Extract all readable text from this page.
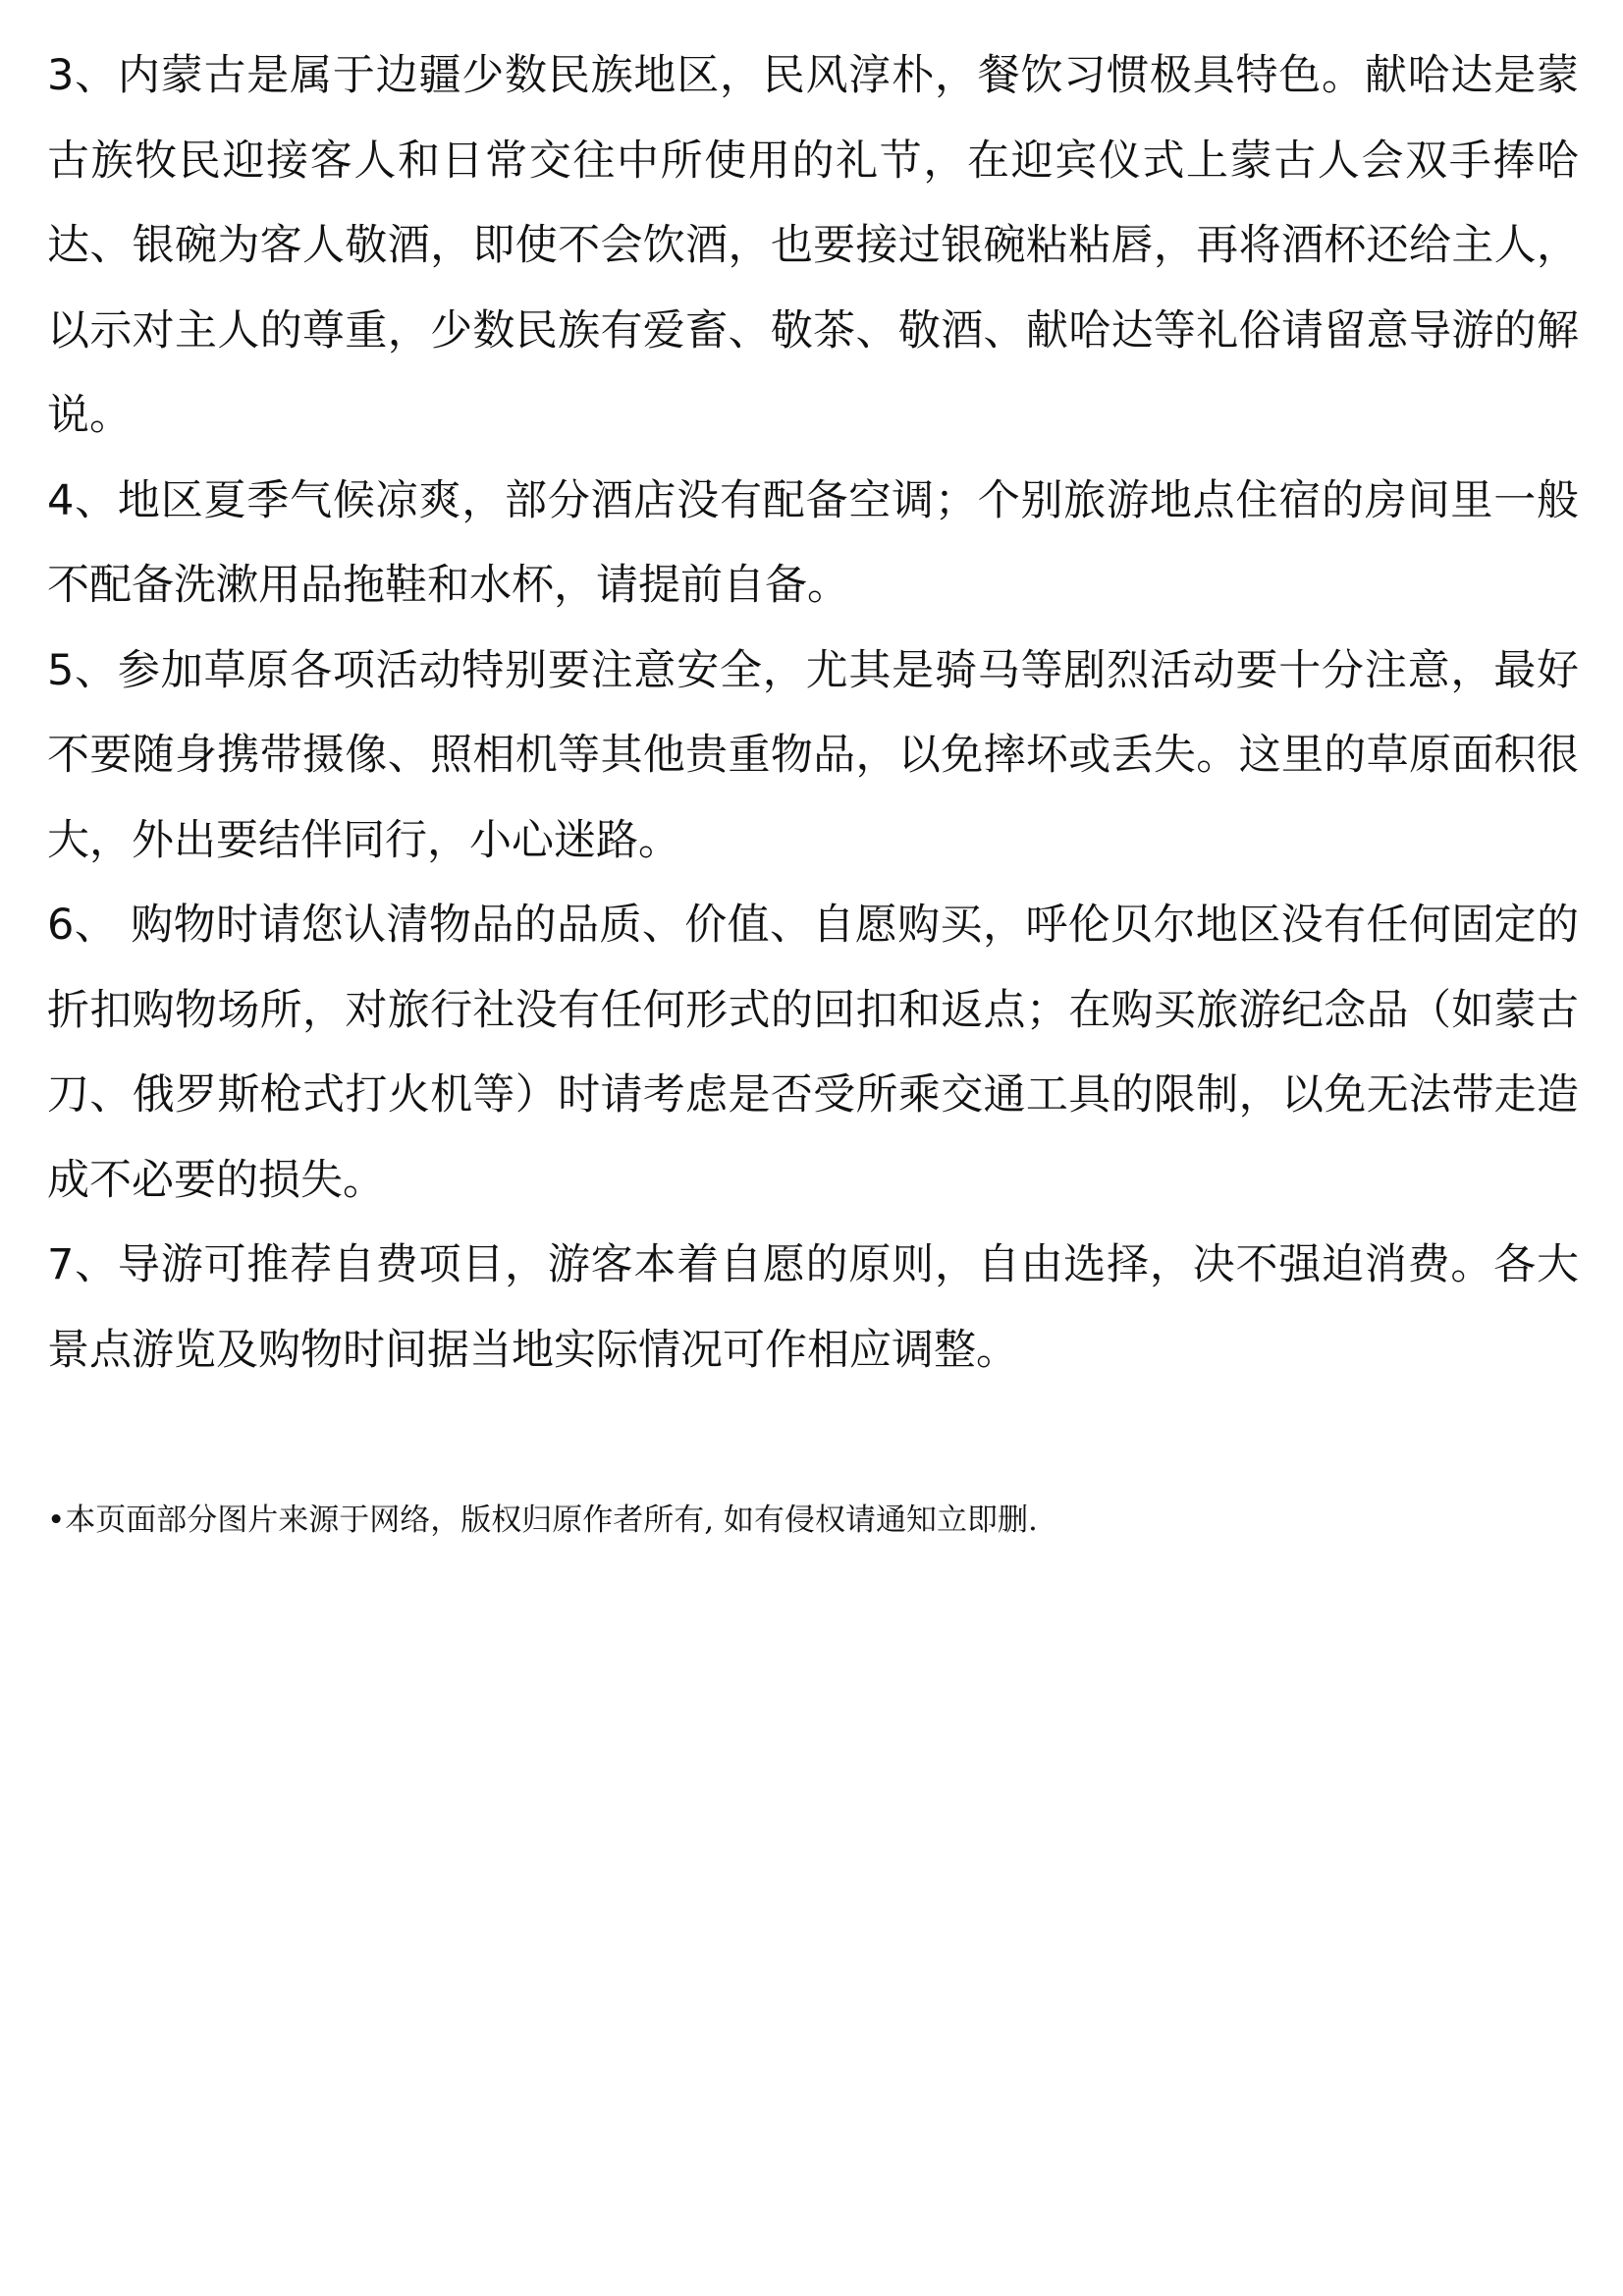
3、内蒙古是属于边疆少数民族地区，民风淳朴，餐饮习惯极具特色。献哈达是蒙古族牧民迎接客人和日常交往中所使用的礼节，在迎宾仪式上蒙古人会双手捧哈达、银碗为客人敬酒，即使不会饮酒，也要接过银碗粘粘唇，再将酒杯还给主人，以示对主人的尊重，少数民族有爱畜、敬茶、敬酒、献哈达等礼俗请留意导游的解说。

4、地区夏季气候凉爽，部分酒店没有配备空调；个别旅游地点住宿的房间里一般不配备洗漱用品拖鞋和水杯，请提前自备。

5、参加草原各项活动特别要注意安全，尤其是骑马等剧烈活动要十分注意，最好不要随身携带摄像、照相机等其他贵重物品，以免摔坏或丢失。这里的草原面积很大，外出要结伴同行，小心迷路。

6、 购物时请您认清物品的品质、价值、自愿购买，呼伦贝尔地区没有任何固定的折扣购物场所，对旅行社没有任何形式的回扣和返点；在购买旅游纪念品（如蒙古刀、俄罗斯枪式打火机等）时请考虑是否受所乘交通工具的限制，以免无法带走造成不必要的损失。

7、导游可推荐自费项目，游客本着自愿的原则，自由选择，决不强迫消费。各大景点游览及购物时间据当地实际情况可作相应调整。

•本页面部分图片来源于网络，版权归原作者所有, 如有侵权请通知立即删.
